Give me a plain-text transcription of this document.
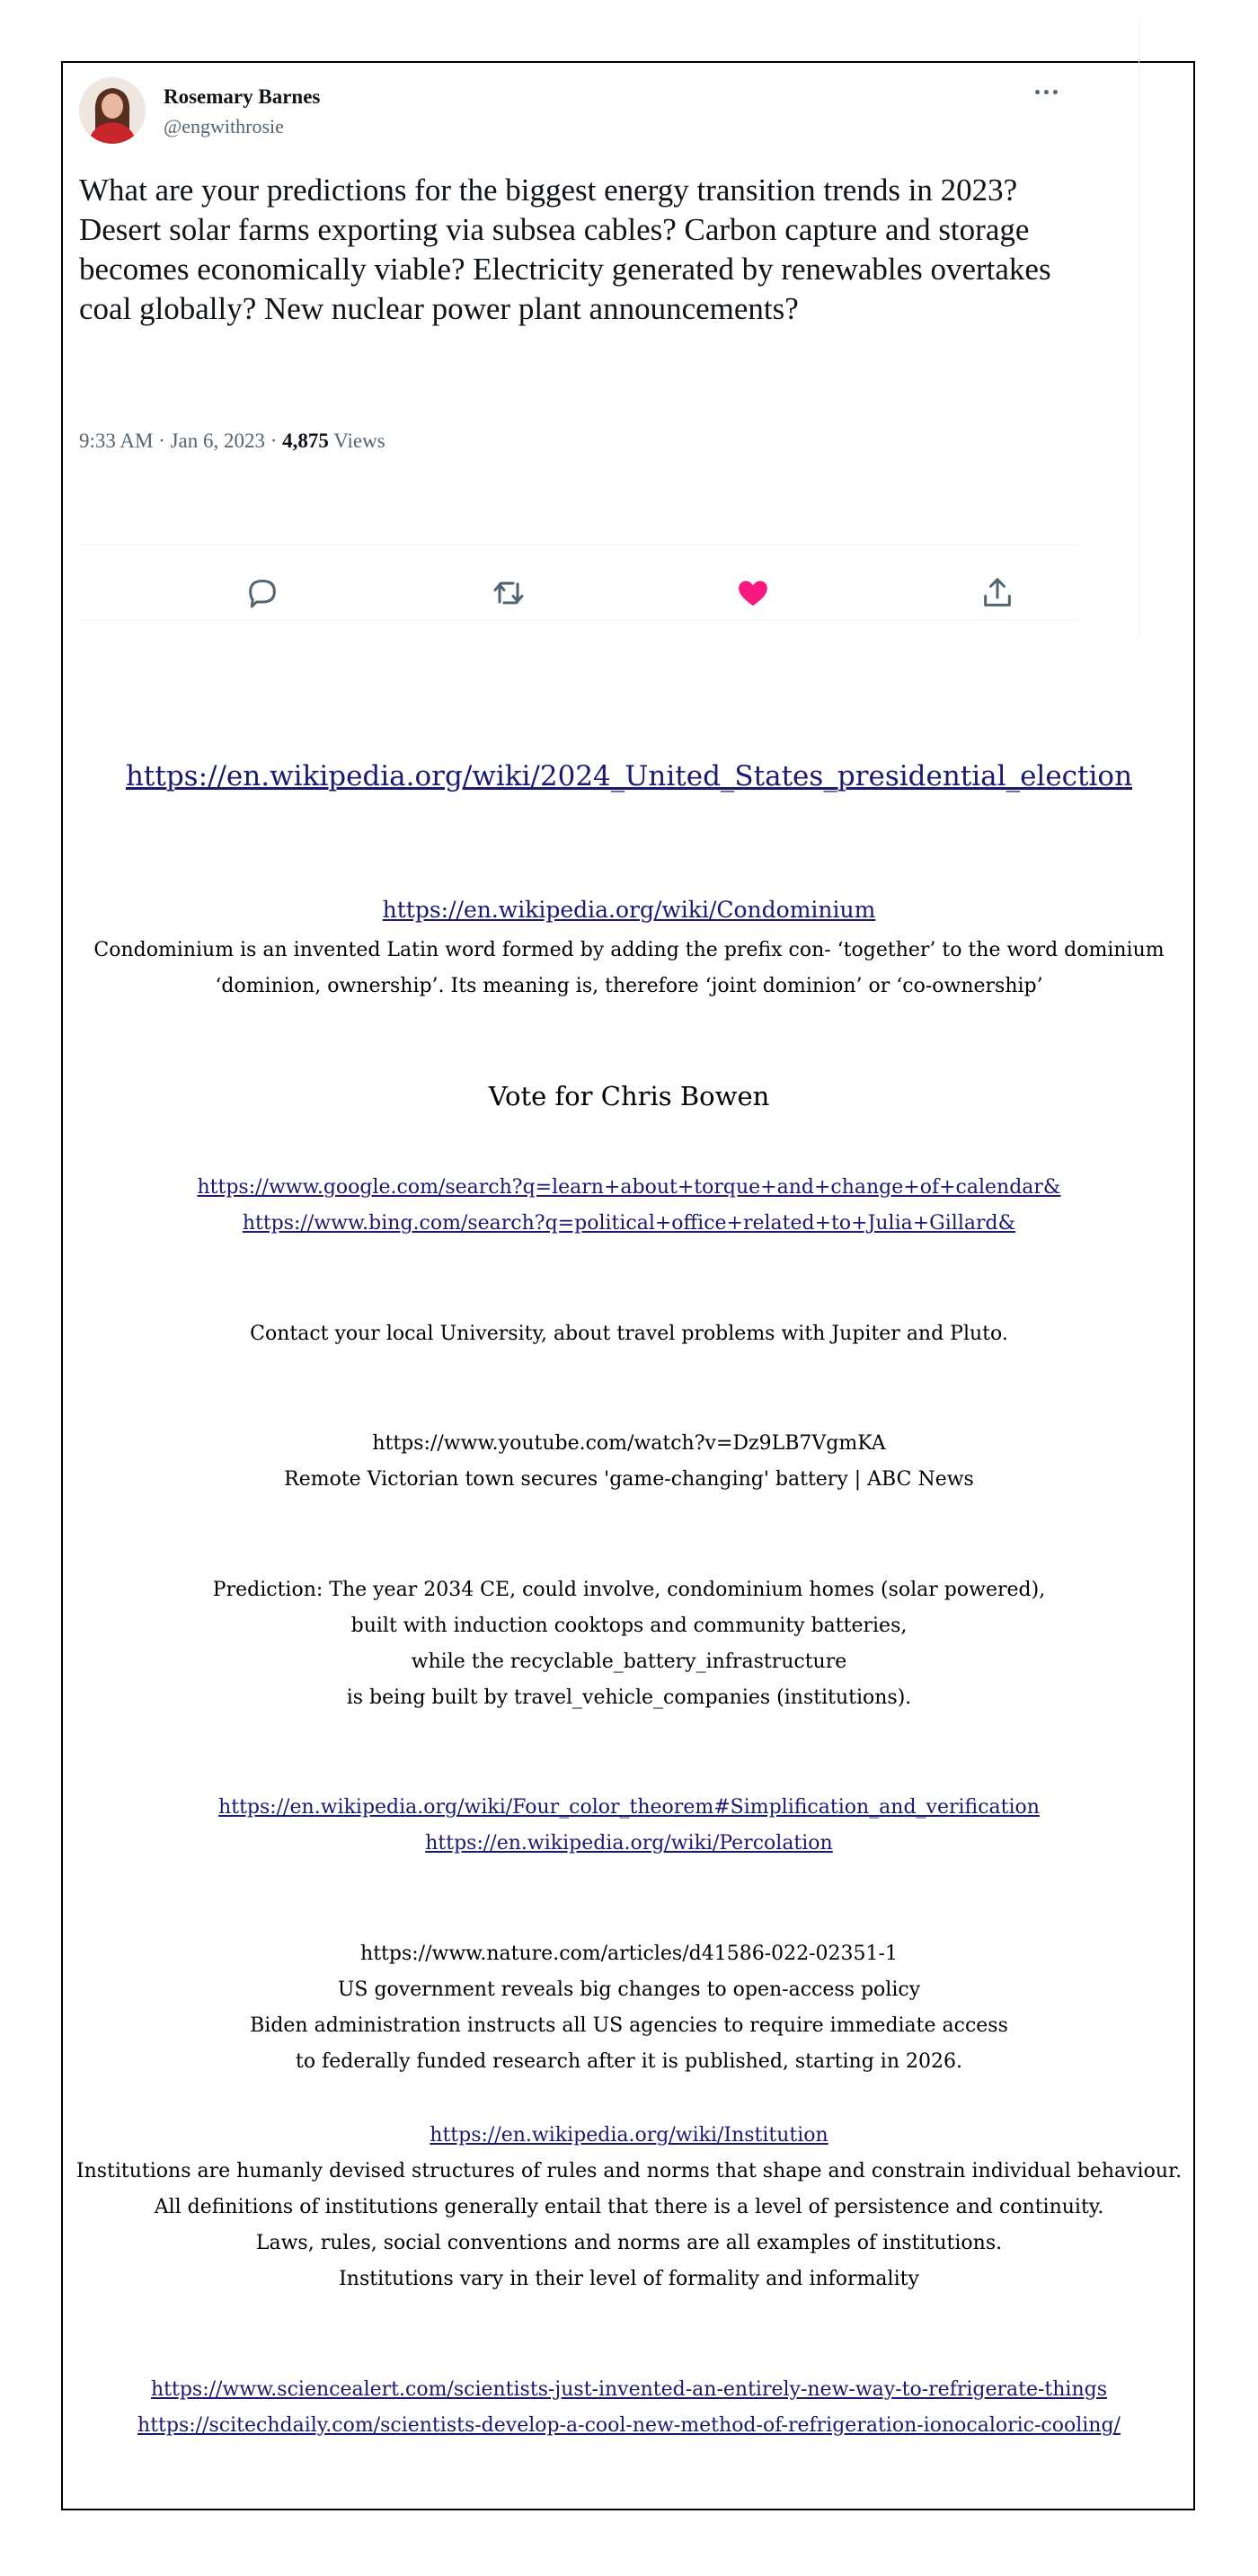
Rosemary Barnes
@engwithrosie

What are your predictions for the biggest energy transition trends in 2023?

Desert solar farms exporting via subsea cables? Carbon capture and storage becomes economically viable? Electricity generated by renewables overtakes coal globally? New nuclear power plant announcements?

9:33 AM · Jan 6, 2023 · 4,875 Views
https://en.wikipedia.org/wiki/2024_United_States_presidential_election
https://en.wikipedia.org/wiki/Condominium
Condominium is an invented Latin word formed by adding the prefix con- ‘together’ to the word dominium
‘dominion, ownership’. Its meaning is, therefore ‘joint dominion’ or ‘co-ownership’
Vote for Chris Bowen
https://www.google.com/search?q=learn+about+torque+and+change+of+calendar&
https://www.bing.com/search?q=political+office+related+to+Julia+Gillard&
Contact your local University, about travel problems with Jupiter and Pluto.
https://www.youtube.com/watch?v=Dz9LB7VgmKA
Remote Victorian town secures 'game-changing' battery | ABC News
Prediction: The year 2034 CE, could involve, condominium homes (solar powered),
built with induction cooktops and community batteries,
while the recyclable_battery_infrastructure
is being built by travel_vehicle_companies (institutions).
https://en.wikipedia.org/wiki/Four_color_theorem#Simplification_and_verification
https://en.wikipedia.org/wiki/Percolation
https://www.nature.com/articles/d41586-022-02351-1
US government reveals big changes to open-access policy
Biden administration instructs all US agencies to require immediate access
to federally funded research after it is published, starting in 2026.
https://en.wikipedia.org/wiki/Institution
Institutions are humanly devised structures of rules and norms that shape and constrain individual behaviour.
All definitions of institutions generally entail that there is a level of persistence and continuity.
Laws, rules, social conventions and norms are all examples of institutions.
Institutions vary in their level of formality and informality
https://www.sciencealert.com/scientists-just-invented-an-entirely-new-way-to-refrigerate-things
https://scitechdaily.com/scientists-develop-a-cool-new-method-of-refrigeration-ionocaloric-cooling/
